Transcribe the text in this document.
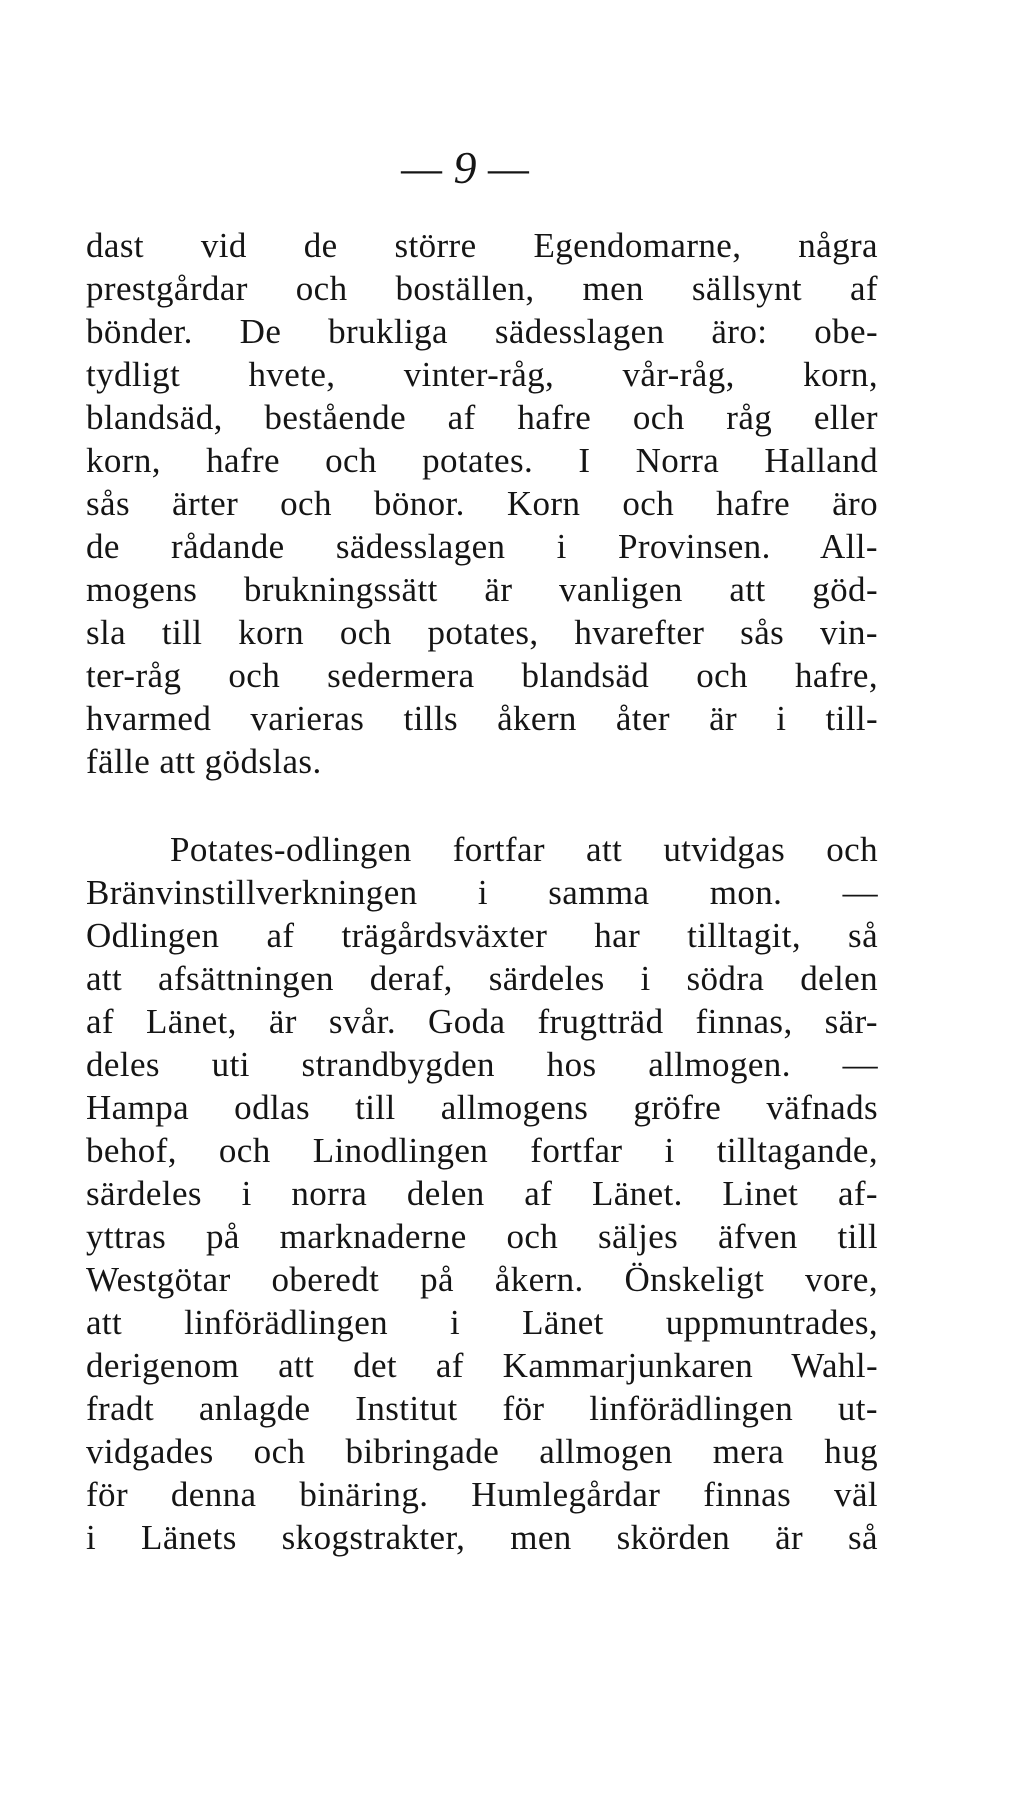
— 9 —
dast vid de större Egendomarne, några
prestgårdar och boställen, men sällsynt af
bönder. De brukliga sädesslagen äro: obe-
tydligt hvete, vinter-råg, vår-råg, korn,
blandsäd, bestående af hafre och råg eller
korn, hafre och potates. I Norra Halland
sås ärter och bönor. Korn och hafre äro
de rådande sädesslagen i Provinsen. All-
mogens brukningssätt är vanligen att göd-
sla till korn och potates, hvarefter sås vin-
ter-råg och sedermera blandsäd och hafre,
hvarmed varieras tills åkern åter är i till-
fälle att gödslas.
Potates-odlingen fortfar att utvidgas och
Bränvinstillverkningen i samma mon. —
Odlingen af trägårdsväxter har tilltagit, så
att afsättningen deraf, särdeles i södra delen
af Länet, är svår. Goda frugtträd finnas, sär-
deles uti strandbygden hos allmogen. —
Hampa odlas till allmogens gröfre väfnads
behof, och Linodlingen fortfar i tilltagande,
särdeles i norra delen af Länet. Linet af-
yttras på marknaderne och säljes äfven till
Westgötar oberedt på åkern. Önskeligt vore,
att linförädlingen i Länet uppmuntrades,
derigenom att det af Kammarjunkaren Wahl-
fradt anlagde Institut för linförädlingen ut-
vidgades och bibringade allmogen mera hug
för denna binäring. Humlegårdar finnas väl
i Länets skogstrakter, men skörden är så
